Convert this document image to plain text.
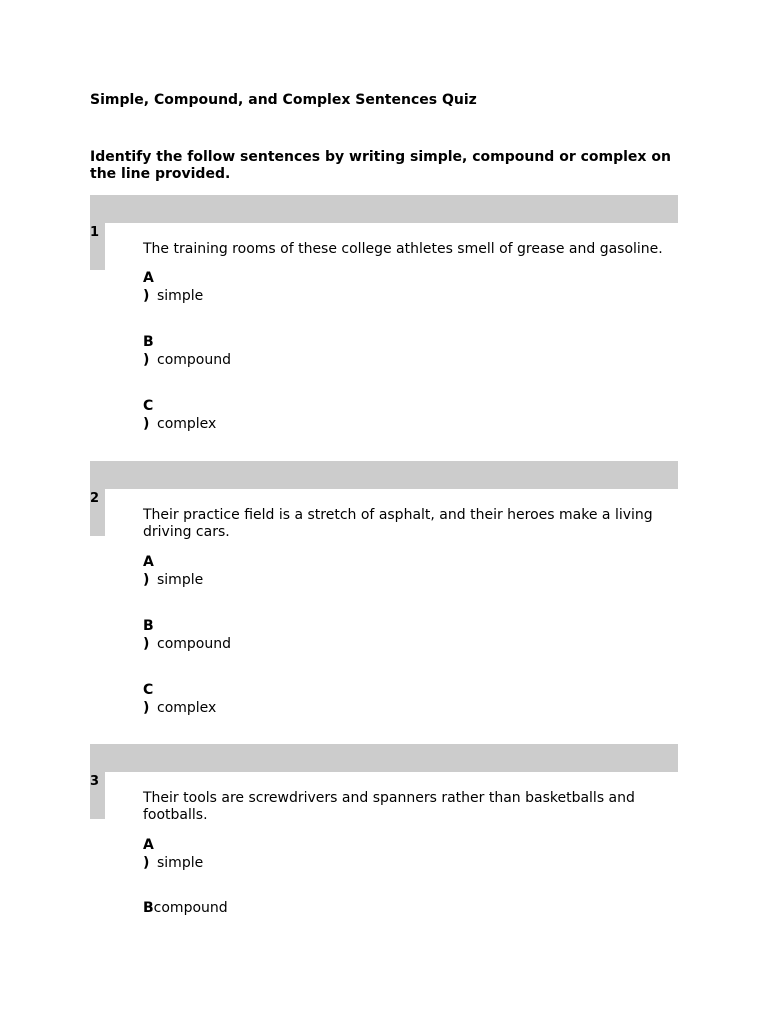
Simple, Compound, and Complex Sentences Quiz
Identify the follow sentences by writing simple, compound or complex on the line provided.
1
The training rooms of these college athletes smell of grease and gasoline.
A
) simple
B
) compound
C
) complex
2
Their practice field is a stretch of asphalt, and their heroes make a living driving cars.
A
) simple
B
) compound
C
) complex
3
Their tools are screwdrivers and spanners rather than basketballs and footballs.
A
) simple
Bcompound
